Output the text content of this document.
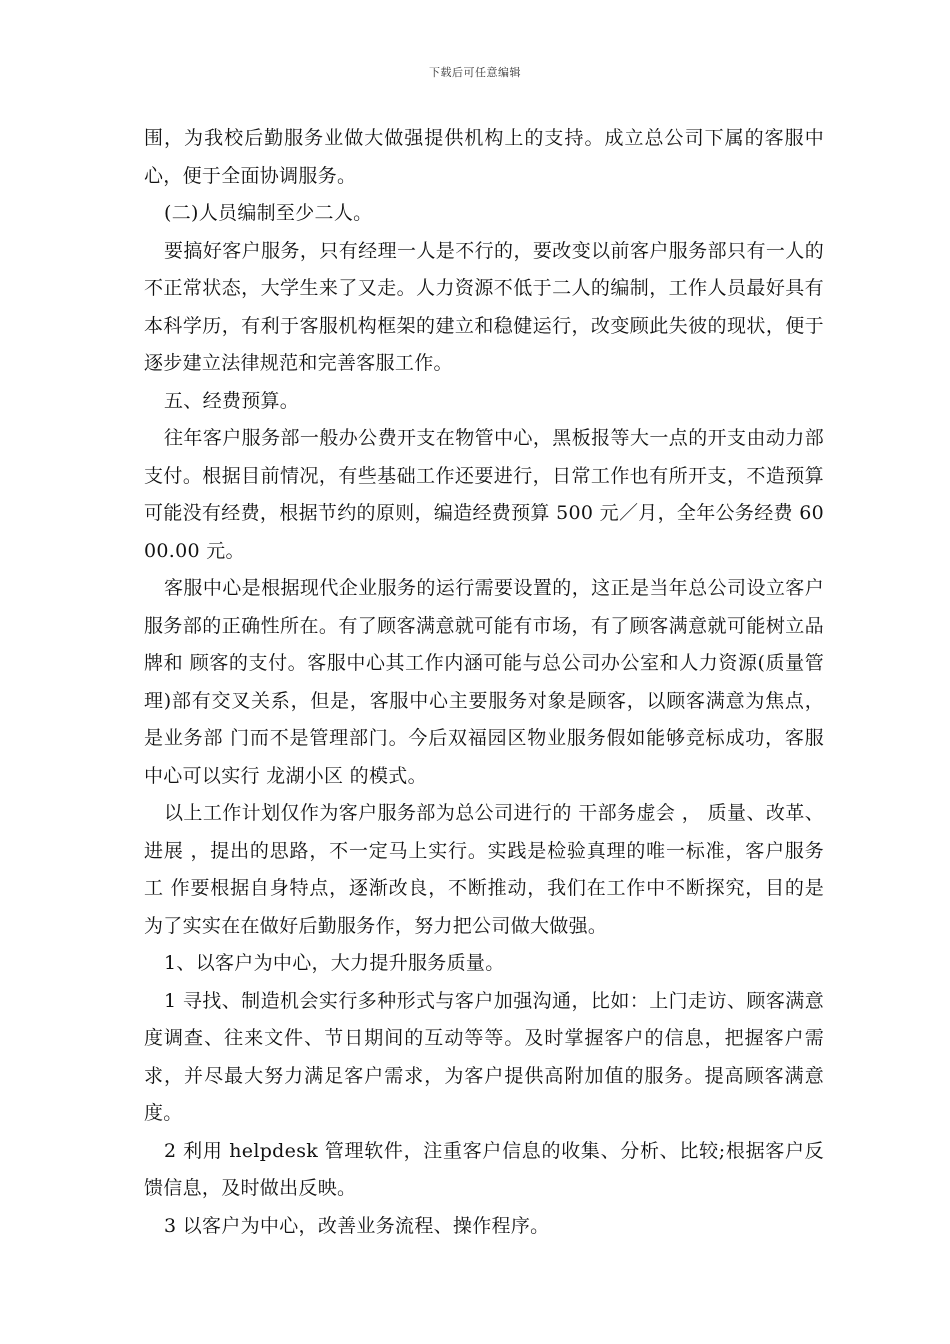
下载后可任意编辑

围，为我校后勤服务业做大做强提供机构上的支持。成立总公司下属的客服中心，便于全面协调服务。

(二)人员编制至少二人。

要搞好客户服务，只有经理一人是不行的，要改变以前客户服务部只有一人的不正常状态，大学生来了又走。人力资源不低于二人的编制，工作人员最好具有本科学历，有利于客服机构框架的建立和稳健运行，改变顾此失彼的现状，便于逐步建立法律规范和完善客服工作。

五、经费预算。

往年客户服务部一般办公费开支在物管中心，黑板报等大一点的开支由动力部支付。根据目前情况，有些基础工作还要进行，日常工作也有所开支，不造预算可能没有经费，根据节约的原则，编造经费预算 500 元／月，全年公务经费 6000.00 元。

客服中心是根据现代企业服务的运行需要设置的，这正是当年总公司设立客户服务部的正确性所在。有了顾客满意就可能有市场，有了顾客满意就可能树立品牌和 顾客的支付。客服中心其工作内涵可能与总公司办公室和人力资源(质量管理)部有交叉关系，但是，客服中心主要服务对象是顾客，以顾客满意为焦点，是业务部 门而不是管理部门。今后双福园区物业服务假如能够竞标成功，客服中心可以实行 龙湖小区 的模式。

以上工作计划仅作为客户服务部为总公司进行的 干部务虚会 ， 质量、改革、进展 ，提出的思路，不一定马上实行。实践是检验真理的唯一标准，客户服务工 作要根据自身特点，逐渐改良，不断推动，我们在工作中不断探究，目的是为了实实在在做好后勤服务作，努力把公司做大做强。

1、以客户为中心，大力提升服务质量。

1 寻找、制造机会实行多种形式与客户加强沟通，比如：上门走访、顾客满意度调查、往来文件、节日期间的互动等等。及时掌握客户的信息，把握客户需求，并尽最大努力满足客户需求，为客户提供高附加值的服务。提高顾客满意度。

2 利用 helpdesk 管理软件，注重客户信息的收集、分析、比较;根据客户反馈信息，及时做出反映。

3 以客户为中心，改善业务流程、操作程序。
